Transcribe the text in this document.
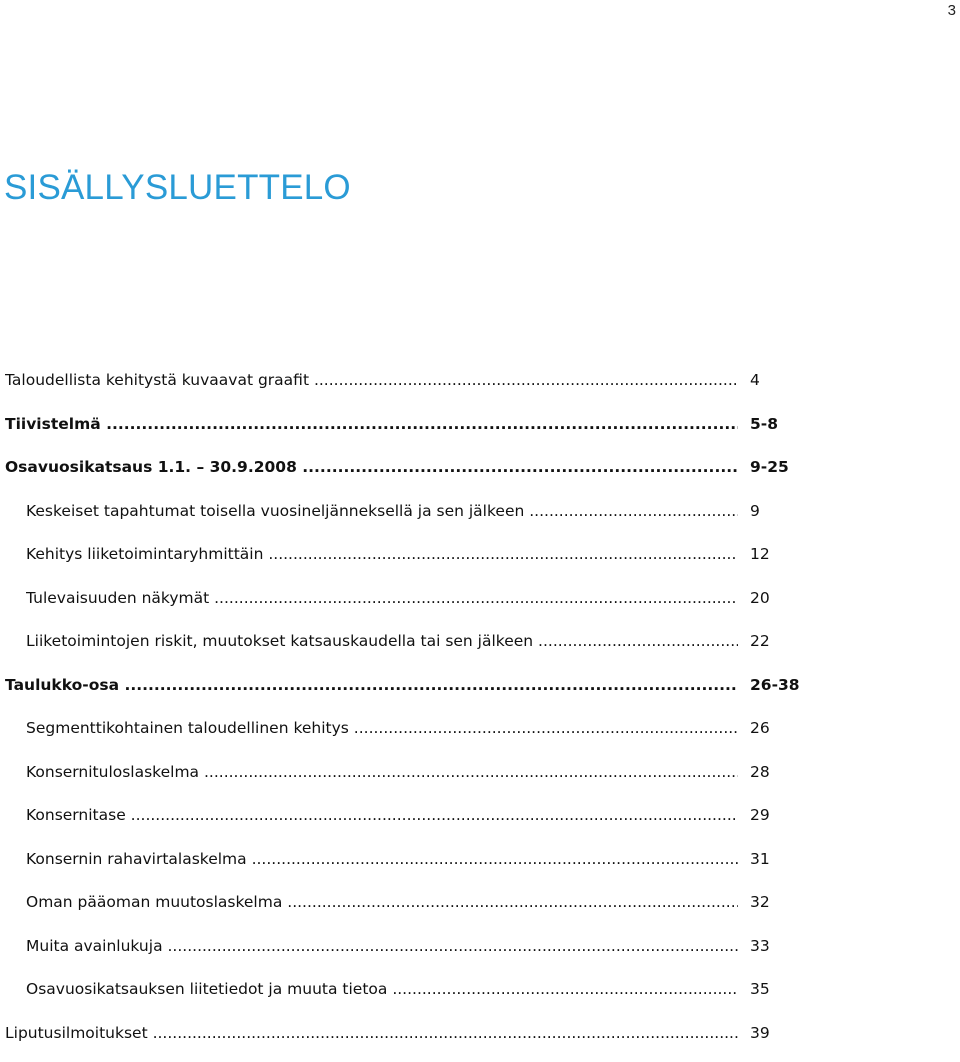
3
SISÄLLYSLUETTELO
Taloudellista kehitystä kuvaavat graafit .....	4
Tiivistelmä .....	5-8
Osavuosikatsaus 1.1. – 30.9.2008 .....	9-25
Keskeiset tapahtumat toisella vuosineljänneksellä ja sen jälkeen .....	9
Kehitys liiketoimintaryhmittäin .....	12
Tulevaisuuden näkymät .....	20
Liiketoimintojen riskit, muutokset katsauskaudella tai sen jälkeen .....	22
Taulukko-osa .....	26-38
Segmenttikohtainen taloudellinen kehitys .....	26
Konsernituloslaskelma .....	28
Konsernitase .....	29
Konsernin rahavirtalaskelma .....	31
Oman pääoman muutoslaskelma .....	32
Muita avainlukuja .....	33
Osavuosikatsauksen liitetiedot ja muuta tietoa .....	35
Liputusilmoitukset .....	39
